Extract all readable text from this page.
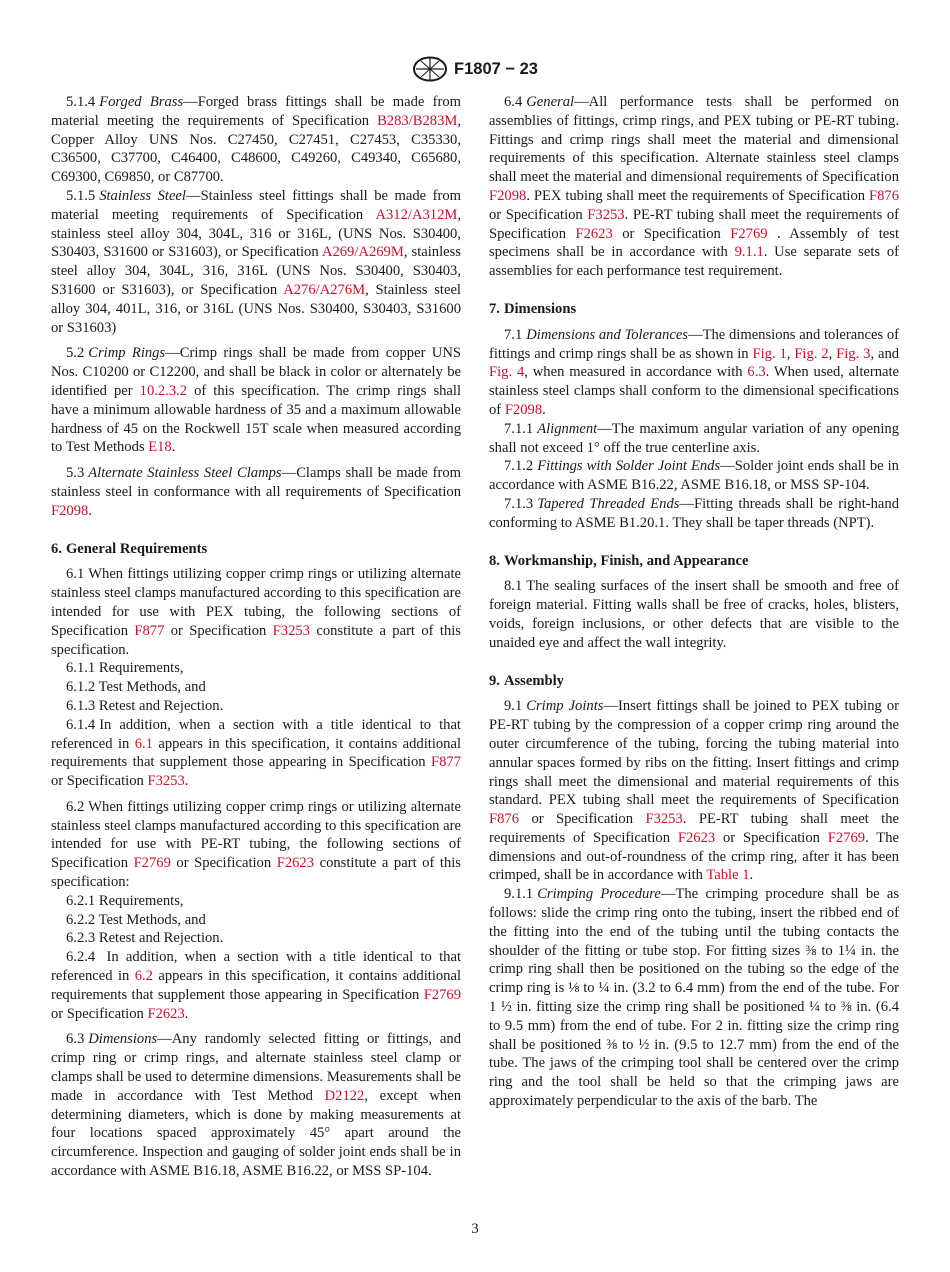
F1807 − 23

5.1.4 Forged Brass—Forged brass fittings shall be made from material meeting the requirements of Specification B283/B283M, Copper Alloy UNS Nos. C27450, C27451, C27453, C35330, C36500, C37700, C46400, C48600, C49260, C49340, C65680, C69300, C69850, or C87700.

5.1.5 Stainless Steel—Stainless steel fittings shall be made from material meeting requirements of Specification A312/A312M, stainless steel alloy 304, 304L, 316 or 316L, (UNS Nos. S30400, S30403, S31600 or S31603), or Specification A269/A269M, stainless steel alloy 304, 304L, 316, 316L (UNS Nos. S30400, S30403, S31600 or S31603), or Specification A276/A276M, Stainless steel alloy 304, 401L, 316, or 316L (UNS Nos. S30400, S30403, S31600 or S31603)

5.2 Crimp Rings—Crimp rings shall be made from copper UNS Nos. C10200 or C12200, and shall be black in color or alternately be identified per 10.2.3.2 of this specification. The crimp rings shall have a minimum allowable hardness of 35 and a maximum allowable hardness of 45 on the Rockwell 15T scale when measured according to Test Methods E18.

5.3 Alternate Stainless Steel Clamps—Clamps shall be made from stainless steel in conformance with all requirements of Specification F2098.

6. General Requirements

6.1 When fittings utilizing copper crimp rings or utilizing alternate stainless steel clamps manufactured according to this specification are intended for use with PEX tubing, the following sections of Specification F877 or Specification F3253 constitute a part of this specification.

6.1.1 Requirements,

6.1.2 Test Methods, and

6.1.3 Retest and Rejection.

6.1.4 In addition, when a section with a title identical to that referenced in 6.1 appears in this specification, it contains additional requirements that supplement those appearing in Specification F877 or Specification F3253.

6.2 When fittings utilizing copper crimp rings or utilizing alternate stainless steel clamps manufactured according to this specification are intended for use with PE-RT tubing, the following sections of Specification F2769 or Specification F2623 constitute a part of this specification:

6.2.1 Requirements,

6.2.2 Test Methods, and

6.2.3 Retest and Rejection.

6.2.4 In addition, when a section with a title identical to that referenced in 6.2 appears in this specification, it contains additional requirements that supplement those appearing in Specification F2769 or Specification F2623.

6.3 Dimensions—Any randomly selected fitting or fittings, and crimp ring or crimp rings, and alternate stainless steel clamp or clamps shall be used to determine dimensions. Measurements shall be made in accordance with Test Method D2122, except when determining diameters, which is done by making measurements at four locations spaced approximately 45° apart around the circumference. Inspection and gauging of solder joint ends shall be in accordance with ASME B16.18, ASME B16.22, or MSS SP-104.

6.4 General—All performance tests shall be performed on assemblies of fittings, crimp rings, and PEX tubing or PE-RT tubing. Fittings and crimp rings shall meet the material and dimensional requirements of this specification. Alternate stainless steel clamps shall meet the material and dimensional requirements of Specification F2098. PEX tubing shall meet the requirements of Specification F876 or Specification F3253. PE-RT tubing shall meet the requirements of Specification F2623 or Specification F2769 . Assembly of test specimens shall be in accordance with 9.1.1. Use separate sets of assemblies for each performance test requirement.

7. Dimensions

7.1 Dimensions and Tolerances—The dimensions and tolerances of fittings and crimp rings shall be as shown in Fig. 1, Fig. 2, Fig. 3, and Fig. 4, when measured in accordance with 6.3. When used, alternate stainless steel clamps shall conform to the dimensional specifications of F2098.

7.1.1 Alignment—The maximum angular variation of any opening shall not exceed 1° off the true centerline axis.

7.1.2 Fittings with Solder Joint Ends—Solder joint ends shall be in accordance with ASME B16.22, ASME B16.18, or MSS SP-104.

7.1.3 Tapered Threaded Ends—Fitting threads shall be right-hand conforming to ASME B1.20.1. They shall be taper threads (NPT).

8. Workmanship, Finish, and Appearance

8.1 The sealing surfaces of the insert shall be smooth and free of foreign material. Fitting walls shall be free of cracks, holes, blisters, voids, foreign inclusions, or other defects that are visible to the unaided eye and affect the wall integrity.

9. Assembly

9.1 Crimp Joints—Insert fittings shall be joined to PEX tubing or PE-RT tubing by the compression of a copper crimp ring around the outer circumference of the tubing, forcing the tubing material into annular spaces formed by ribs on the fitting. Insert fittings and crimp rings shall meet the dimensional and material requirements of this standard. PEX tubing shall meet the requirements of Specification F876 or Specification F3253. PE-RT tubing shall meet the requirements of Specification F2623 or Specification F2769. The dimensions and out-of-roundness of the crimp ring, after it has been crimped, shall be in accordance with Table 1.

9.1.1 Crimping Procedure—The crimping procedure shall be as follows: slide the crimp ring onto the tubing, insert the ribbed end of the fitting into the end of the tubing until the tubing contacts the shoulder of the fitting or tube stop. For fitting sizes ⅜ to 1¼ in. the crimp ring shall then be positioned on the tubing so the edge of the crimp ring is ⅛ to ¼ in. (3.2 to 6.4 mm) from the end of the tube. For 1 ½ in. fitting size the crimp ring shall be positioned ¼ to ⅜ in. (6.4 to 9.5 mm) from the end of tube. For 2 in. fitting size the crimp ring shall be positioned ⅜ to ½ in. (9.5 to 12.7 mm) from the end of the tube. The jaws of the crimping tool shall be centered over the crimp ring and the tool shall be held so that the crimping jaws are approximately perpendicular to the axis of the barb. The

3
